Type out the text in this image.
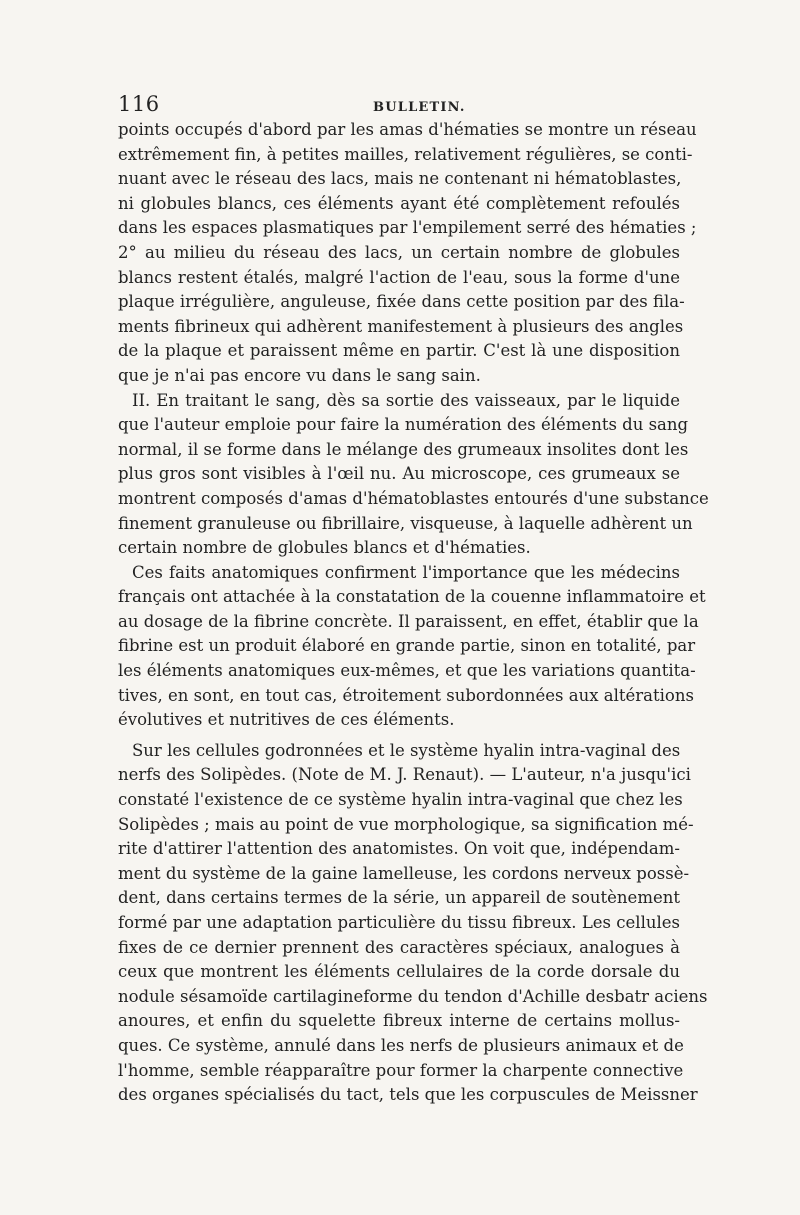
116	BULLETIN.
points occupés d'abord par les amas d'hématies se montre un réseau
extrêmement fin, à petites mailles, relativement régulières, se conti-
nuant avec le réseau des lacs, mais ne contenant ni hématoblastes,
ni globules blancs, ces éléments ayant été complètement refoulés
dans les espaces plasmatiques par l'empilement serré des hématies ;
2° au milieu du réseau des lacs, un certain nombre de globules
blancs restent étalés, malgré l'action de l'eau, sous la forme d'une
plaque irrégulière, anguleuse, fixée dans cette position par des fila-
ments fibrineux qui adhèrent manifestement à plusieurs des angles
de la plaque et paraissent même en partir. C'est là une disposition
que je n'ai pas encore vu dans le sang sain.
II. En traitant le sang, dès sa sortie des vaisseaux, par le liquide
que l'auteur emploie pour faire la numération des éléments du sang
normal, il se forme dans le mélange des grumeaux insolites dont les
plus gros sont visibles à l'œil nu. Au microscope, ces grumeaux se
montrent composés d'amas d'hématoblastes entourés d'une substance
finement granuleuse ou fibrillaire, visqueuse, à laquelle adhèrent un
certain nombre de globules blancs et d'hématies.
Ces faits anatomiques confirment l'importance que les médecins
français ont attachée à la constatation de la couenne inflammatoire et
au dosage de la fibrine concrète. Il paraissent, en effet, établir que la
fibrine est un produit élaboré en grande partie, sinon en totalité, par
les éléments anatomiques eux-mêmes, et que les variations quantita-
tives, en sont, en tout cas, étroitement subordonnées aux altérations
évolutives et nutritives de ces éléments.
Sur les cellules godronnées et le système hyalin intra-vaginal des
nerfs des Solipèdes. (Note de M. J. Renaut). — L'auteur, n'a jusqu'ici
constaté l'existence de ce système hyalin intra-vaginal que chez les
Solipèdes ; mais au point de vue morphologique, sa signification mé-
rite d'attirer l'attention des anatomistes. On voit que, indépendam-
ment du système de la gaine lamelleuse, les cordons nerveux possè-
dent, dans certains termes de la série, un appareil de soutènement
formé par une adaptation particulière du tissu fibreux. Les cellules
fixes de ce dernier prennent des caractères spéciaux, analogues à
ceux que montrent les éléments cellulaires de la corde dorsale du
nodule sésamoïde cartilagineforme du tendon d'Achille desbatr aciens
anoures, et enfin du squelette fibreux interne de certains mollus-
ques. Ce système, annulé dans les nerfs de plusieurs animaux et de
l'homme, semble réapparaître pour former la charpente connective
des organes spécialisés du tact, tels que les corpuscules de Meissner
